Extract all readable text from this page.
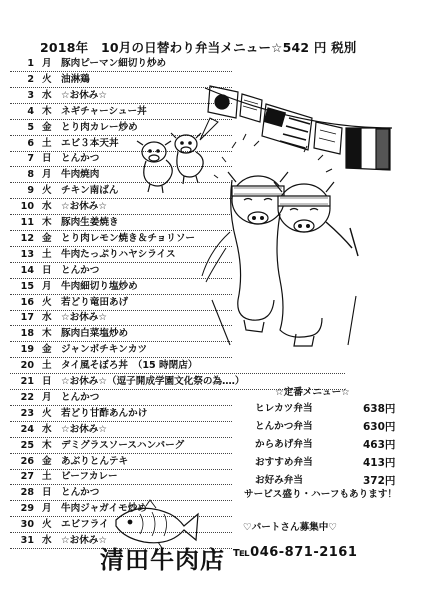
2018年　10月の日替わり弁当メニュー☆542 円 税別
1 月 豚肉ピーマン細切り炒め
2 火 油淋鶏
3 水 ☆お休み☆
4 木 ネギチャーシュー丼
5 金 とり肉カレー炒め
6 土 エビ３本天丼
7 日 とんかつ
8 月 牛肉焼肉
9 火 チキン南ばん
10 水 ☆お休み☆
11 木 豚肉生姜焼き
12 金 とり肉レモン焼き＆チョリソー
13 土 牛肉たっぷりハヤシライス
14 日 とんかつ
15 月 牛肉細切り塩炒め
16 火 若どり竜田あげ
17 水 ☆お休み☆
18 木 豚肉白菜塩炒め
19 金 ジャンボチキンカツ
20 土 タイ風そぼろ丼　（15 時閉店）
21 日 ☆お休み☆（逗子開成学園文化祭の為‥‥）
22 月 とんかつ
23 火 若どり甘酢あんかけ
24 水 ☆お休み☆
25 木 デミグラスソースハンバーグ
26 金 あぶりとんテキ
27 土 ビーフカレー
28 日 とんかつ
29 月 牛肉ジャガイモ炒め
30 火 エビフライ
31 水 ☆お休み☆
☆定番メニュー☆
ヒレカツ弁当	638円
とんかつ弁当	630円
からあげ弁当	463円
おすすめ弁当	413円
お好み弁当	372円
サービス盛り・ハーフもあります！
♡パートさん募集中♡
清田牛肉店 ℡046-871-2161
